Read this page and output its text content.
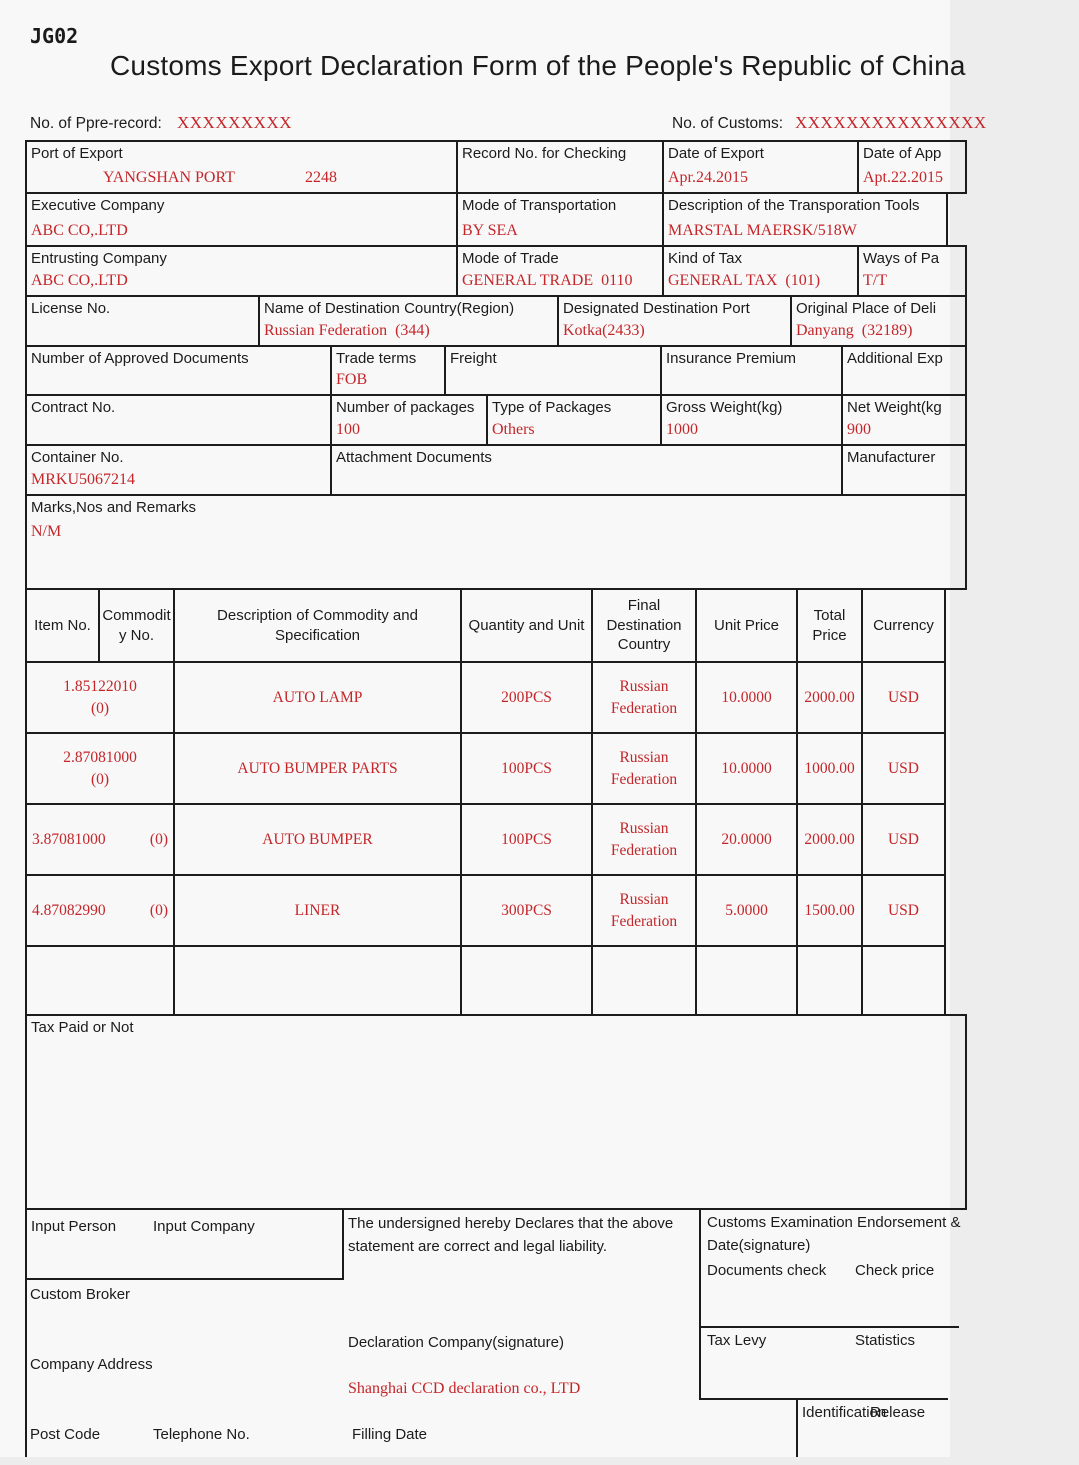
JG02
Customs Export Declaration Form of the People's Republic of China
No. of Ppre-record: XXXXXXXXX	No. of Customs: XXXXXXXXXXXXXXX
Port of Export
YANGSHAN PORT	2248
Record No. for Checking	Date of Export
Apr.24.2015
Date of App
Apt.22.2015
Executive Company
ABC CO,.LTD
Mode of Transportation
BY SEA
Description of the Transporation Tools
MARSTAL MAERSK/518W
Entrusting Company
ABC CO,.LTD
Mode of Trade
GENERAL TRADE  0110
Kind of Tax
GENERAL TAX  (101)
Ways of Pa
T/T
License No.	Name of Destination Country(Region)
Russian Federation  (344)
Designated Destination Port
Kotka(2433)
Original Place of Deli
Danyang  (32189)
Number of Approved Documents	Trade terms
FOB
Freight	Insurance Premium	Additional Exp
Contract No.	Number of packages
100
Type of Packages
Others
Gross Weight(kg)
1000
Net Weight(kg
900
Container No.
MRKU5067214
Attachment Documents	Manufacturer
Marks,Nos and Remarks
N/M
Item No.
Commodity No.
Description of Commodity and Specification
Quantity and Unit
Final Destination Country
Unit Price
Total Price
Currency
1.85122010
(0)
AUTO LAMP	200PCS
Russian Federation
10.0000 2000.00 USD
2.87081000
(0)
AUTO BUMPER PARTS	100PCS
Russian Federation
10.0000 1000.00 USD
3.87081000	(0)	AUTO BUMPER	100PCS
Russian Federation
20.0000 2000.00 USD
4.87082990	(0)	LINER	300PCS
Russian Federation
5.0000 1500.00 USD
Tax Paid or Not
Input Person Input Company
Custom Broker
Company Address
Post Code	Telephone No.	Filling Date
The undersigned hereby Declares that the above
statement are correct and legal liability.
Declaration Company(signature)
Shanghai CCD declaration co., LTD
Customs Examination Endorsement &
Date(signature)
Documents check Check price
Tax Levy	Statistics
Identification
Release
